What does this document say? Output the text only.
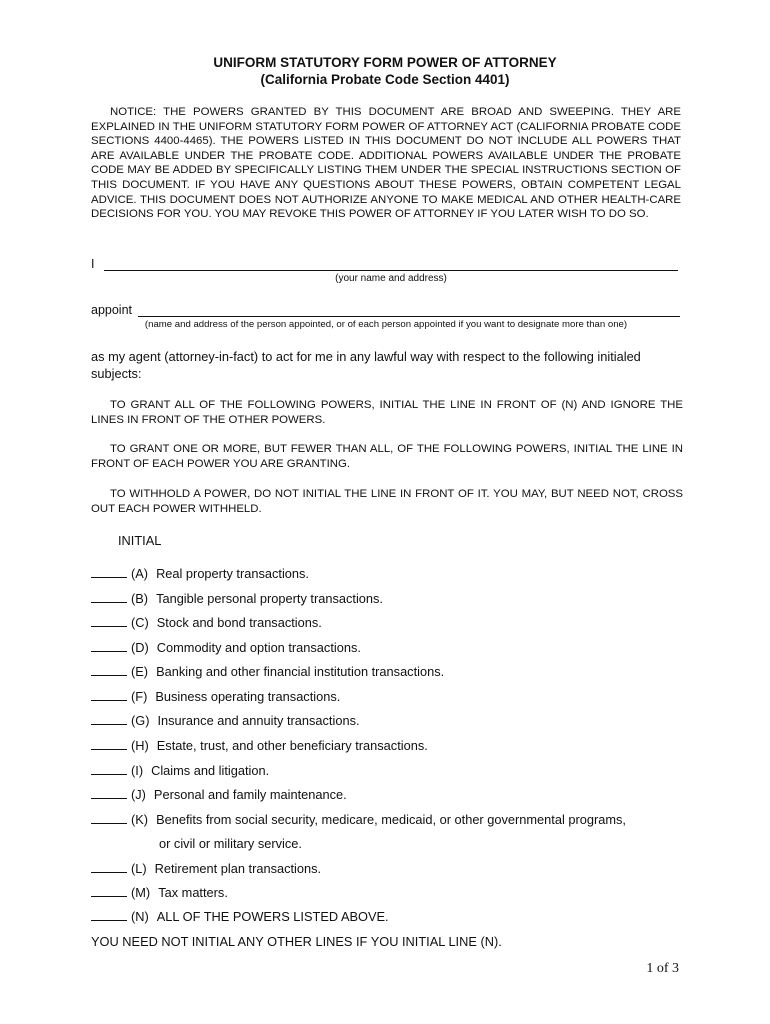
UNIFORM STATUTORY FORM POWER OF ATTORNEY
(California Probate Code Section 4401)
NOTICE: THE POWERS GRANTED BY THIS DOCUMENT ARE BROAD AND SWEEPING. THEY ARE EXPLAINED IN THE UNIFORM STATUTORY FORM POWER OF ATTORNEY ACT (CALIFORNIA PROBATE CODE SECTIONS 4400-4465). THE POWERS LISTED IN THIS DOCUMENT DO NOT INCLUDE ALL POWERS THAT ARE AVAILABLE UNDER THE PROBATE CODE. ADDITIONAL POWERS AVAILABLE UNDER THE PROBATE CODE MAY BE ADDED BY SPECIFICALLY LISTING THEM UNDER THE SPECIAL INSTRUCTIONS SECTION OF THIS DOCUMENT. IF YOU HAVE ANY QUESTIONS ABOUT THESE POWERS, OBTAIN COMPETENT LEGAL ADVICE. THIS DOCUMENT DOES NOT AUTHORIZE ANYONE TO MAKE MEDICAL AND OTHER HEALTH-CARE DECISIONS FOR YOU. YOU MAY REVOKE THIS POWER OF ATTORNEY IF YOU LATER WISH TO DO SO.
I
(your name and address)
appoint
(name and address of the person appointed, or of each person appointed if you want to designate more than one)
as my agent (attorney-in-fact) to act for me in any lawful way with respect to the following initialed subjects:
TO GRANT ALL OF THE FOLLOWING POWERS, INITIAL THE LINE IN FRONT OF (N) AND IGNORE THE LINES IN FRONT OF THE OTHER POWERS.
TO GRANT ONE OR MORE, BUT FEWER THAN ALL, OF THE FOLLOWING POWERS, INITIAL THE LINE IN FRONT OF EACH POWER YOU ARE GRANTING.
TO WITHHOLD A POWER, DO NOT INITIAL THE LINE IN FRONT OF IT. YOU MAY, BUT NEED NOT, CROSS OUT EACH POWER WITHHELD.
INITIAL
(A) Real property transactions.
(B) Tangible personal property transactions.
(C) Stock and bond transactions.
(D) Commodity and option transactions.
(E) Banking and other financial institution transactions.
(F) Business operating transactions.
(G) Insurance and annuity transactions.
(H) Estate, trust, and other beneficiary transactions.
(I) Claims and litigation.
(J) Personal and family maintenance.
(K) Benefits from social security, medicare, medicaid, or other governmental programs,
or civil or military service.
(L) Retirement plan transactions.
(M) Tax matters.
(N) ALL OF THE POWERS LISTED ABOVE.
YOU NEED NOT INITIAL ANY OTHER LINES IF YOU INITIAL LINE (N).
1 of 3
